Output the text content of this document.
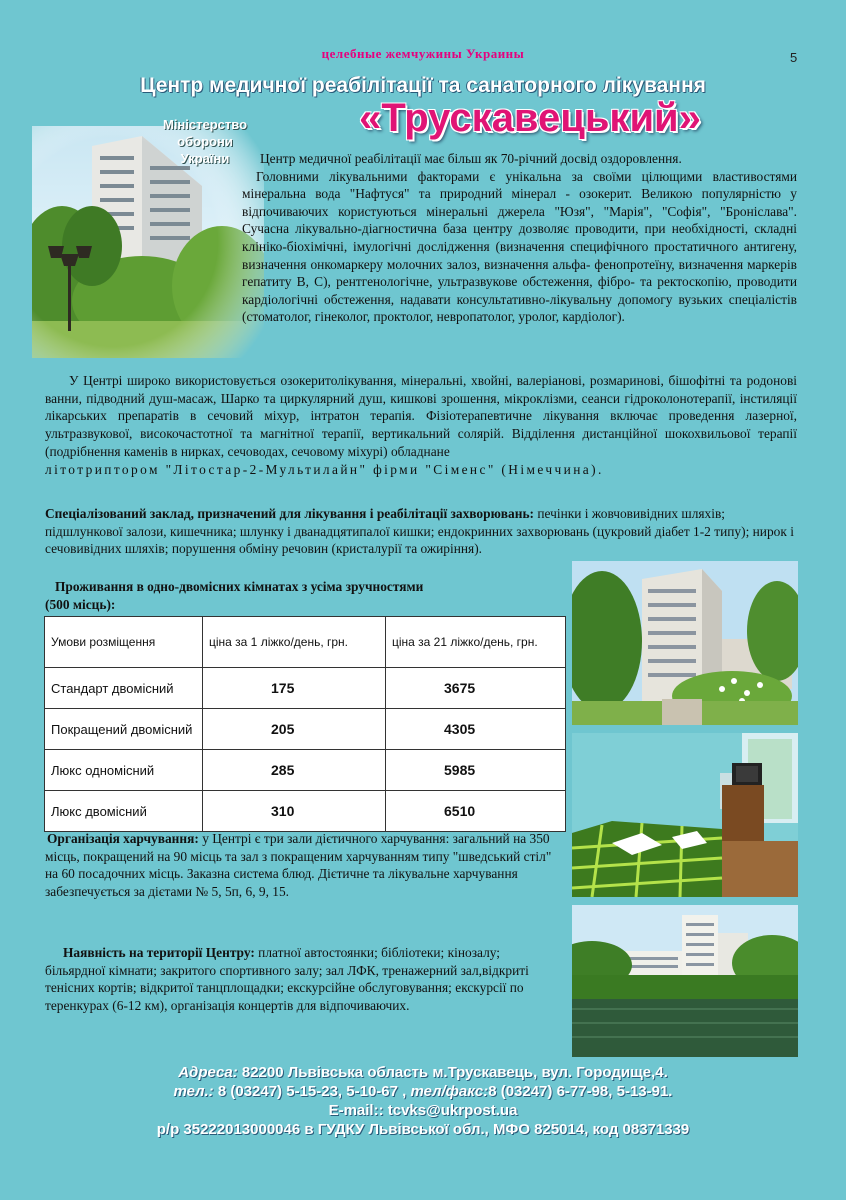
целебные жемчужины Украины	5
Центр медичної реабілітації та санаторного лікування
Міністерство
оборони
України
«Трускавецький»

Центр медичної реабілітації має більш як 70-річний досвід оздоровлення.

Головними лікувальними факторами є унікальна за своїми цілющими властивостями мінеральна вода "Нафтуся" та природний мінерал - озокерит. Великою популярністю у відпочиваючих користуються мінеральні джерела "Юзя", "Марія", "Софія", "Броніслава". Сучасна лікувально-діагностична база центру дозволяє проводити, при необхідності, складні клініко-біохімічні, імулогічні дослідження (визначення специфічного простатичного антигену, визначення онкомаркеру молочних залоз, визначення альфа- фенопротеїну, визначення маркерів гепатиту В, С), рентгенологічне, ультразвукове обстеження, фібро- та ректоскопію, проводити кардіологічні обстеження, надавати консультативно-лікувальну допомогу вузьких спеціалістів (стоматолог, гінеколог, проктолог, невропатолог, уролог, кардіолог).

У Центрі широко використовується озокеритолікування, мінеральні, хвойні, валеріанові, розмаринові, бішофітні та родонові ванни, підводний душ-масаж, Шарко та циркулярний душ, кишкові зрошення, мікроклізми, сеанси гідроколонотерапії, інстиляції лікарських препаратів в сечовий міхур, інтратон терапія. Фізіотерапевтичне лікування включає проведення лазерної, ультразвукової, високочастотної та магнітної терапії, вертикальний солярій. Відділення дистанційної шокохвильової терапії (подрібнення каменів в нирках, сечоводах, сечовому міхурі) обладнане

літотриптором "Літостар-2-Мультилайн" фірми "Сіменс" (Німеччина).

Спеціалізований заклад, призначений для лікування і реабілітації захворювань: печінки і жовчовивідних шляхів; підшлункової залози, кишечника; шлунку і дванадцятипалої кишки; ендокринних захворювань (цукровий діабет 1-2 типу); нирок і сечовивідних шляхів; порушення обміну речовин (кристалурії та ожиріння).

Проживання в одно-двомісних кімнатах з усіма зручностями

(500 місць):

Умови розміщення	ціна за 1 ліжко/день, грн.	ціна за 21 ліжко/день, грн.
Стандарт двомісний	175	3675
Покращений двомісний	205	4305
Люкс одномісний	285	5985
Люкс двомісний	310	6510

Організація харчування: у Центрі є три зали дієтичного харчування: загальний на 350 місць, покращений на 90 місць та зал з покращеним харчуванням типу "шведський стіл" на 60 посадочних місць. Заказна система блюд. Дієтичне та лікувальне харчування забезпечується за дієтами № 5, 5п, 6, 9, 15.

Наявність на території Центру: платної автостоянки; бібліотеки; кінозалу; більярдної кімнати; закритого спортивного залу; зал ЛФК, тренажерний зал,відкриті тенісних кортів; відкритої танцплощадки; екскурсійне обслуговування; екскурсії по теренкурах (6-12 км), організація концертів для відпочиваючих.

Адреса: 82200 Львівська область м.Трускавець, вул. Городище,4.
тел.: 8 (03247) 5-15-23, 5-10-67 , тел/факс:8 (03247) 6-77-98, 5-13-91.
E-mail:: tcvks@ukrpost.ua
р/р 35222013000046 в ГУДКУ Львівської обл., МФО 825014, код 08371339
